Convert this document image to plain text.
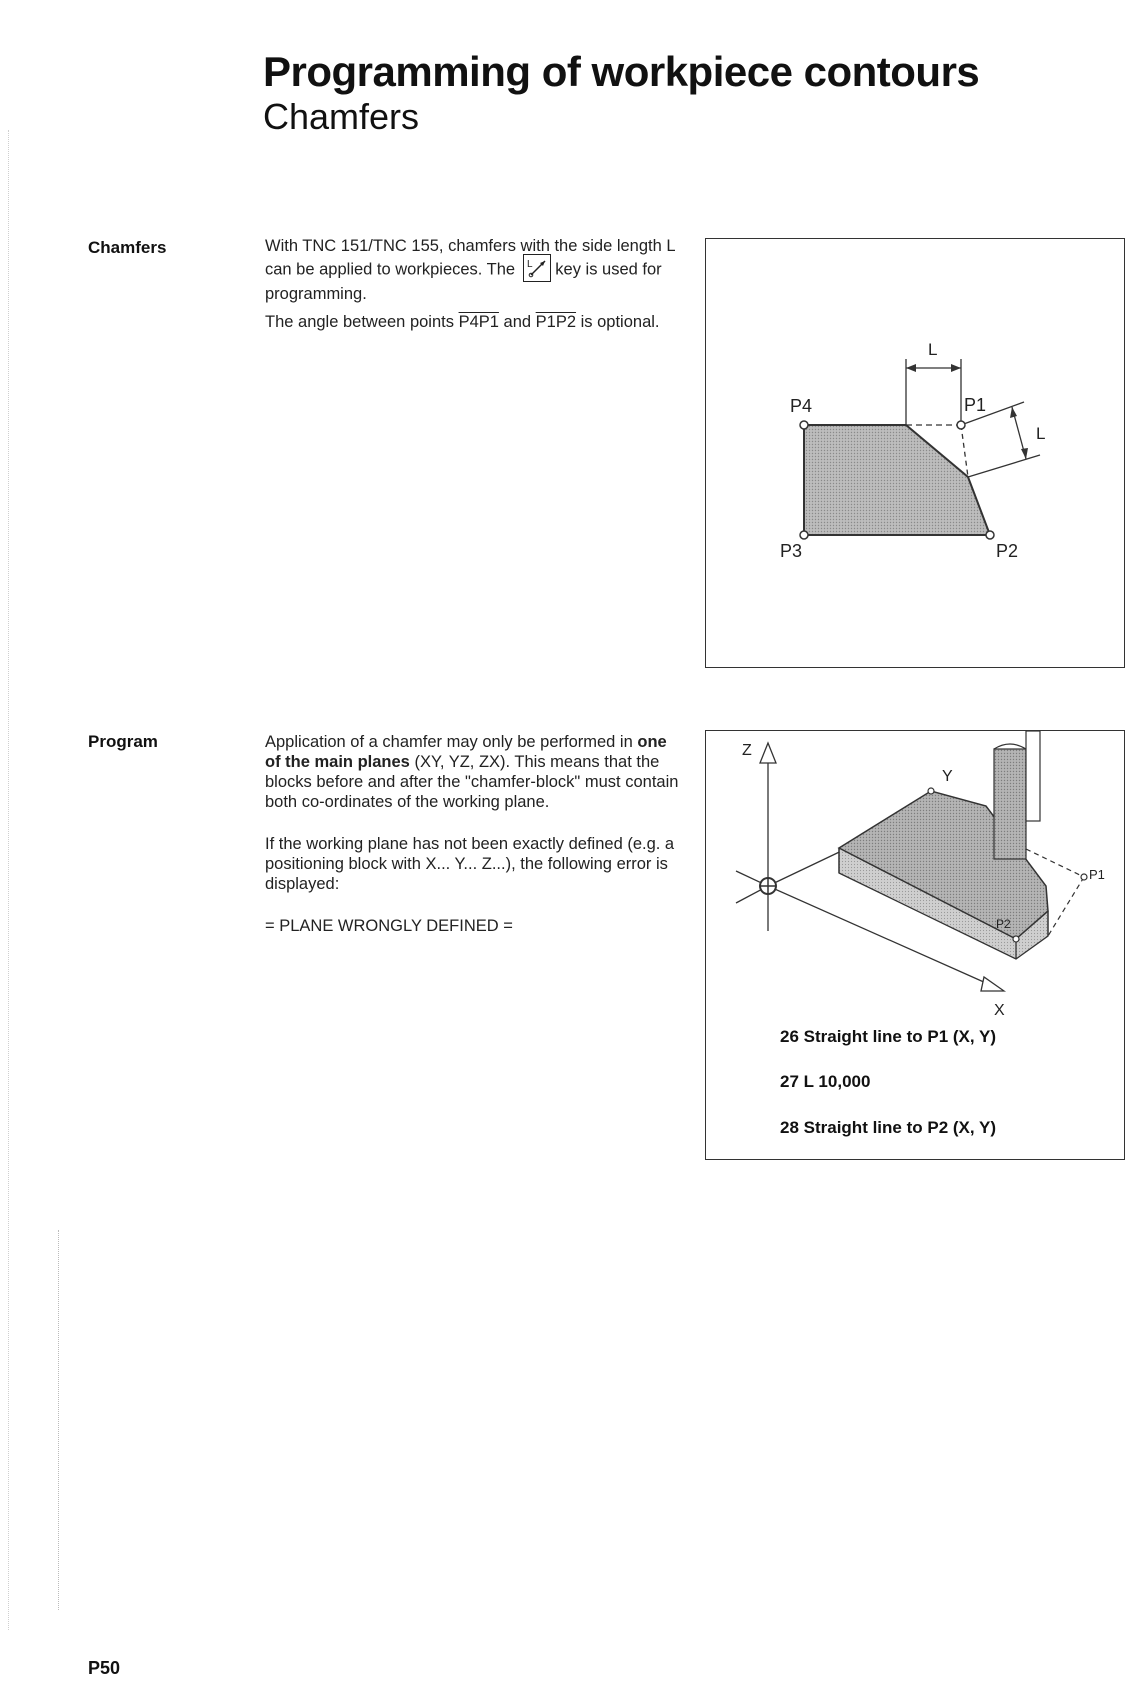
Programming of workpiece contours
Chamfers
Chamfers	With TNC 151/TNC 155, chamfers with the side length L can be applied to workpieces. The L key is used for programming.

The angle between points P4P1 and P1P2 is optional.

L
L
P4	P1
P2
P3
Program	Application of a chamfer may only be performed in one of the main planes (XY, YZ, ZX). This means that the blocks before and after the "chamfer-block" must contain both co-ordinates of the working plane.

If the working plane has not been exactly defined (e.g. a positioning block with X... Y... Z...), the following error is displayed:

= PLANE WRONGLY DEFINED =

Z
Y
X
P1
P2
26 Straight line to P1 (X, Y)
27 L 10,000
28 Straight line to P2 (X, Y)
P50
